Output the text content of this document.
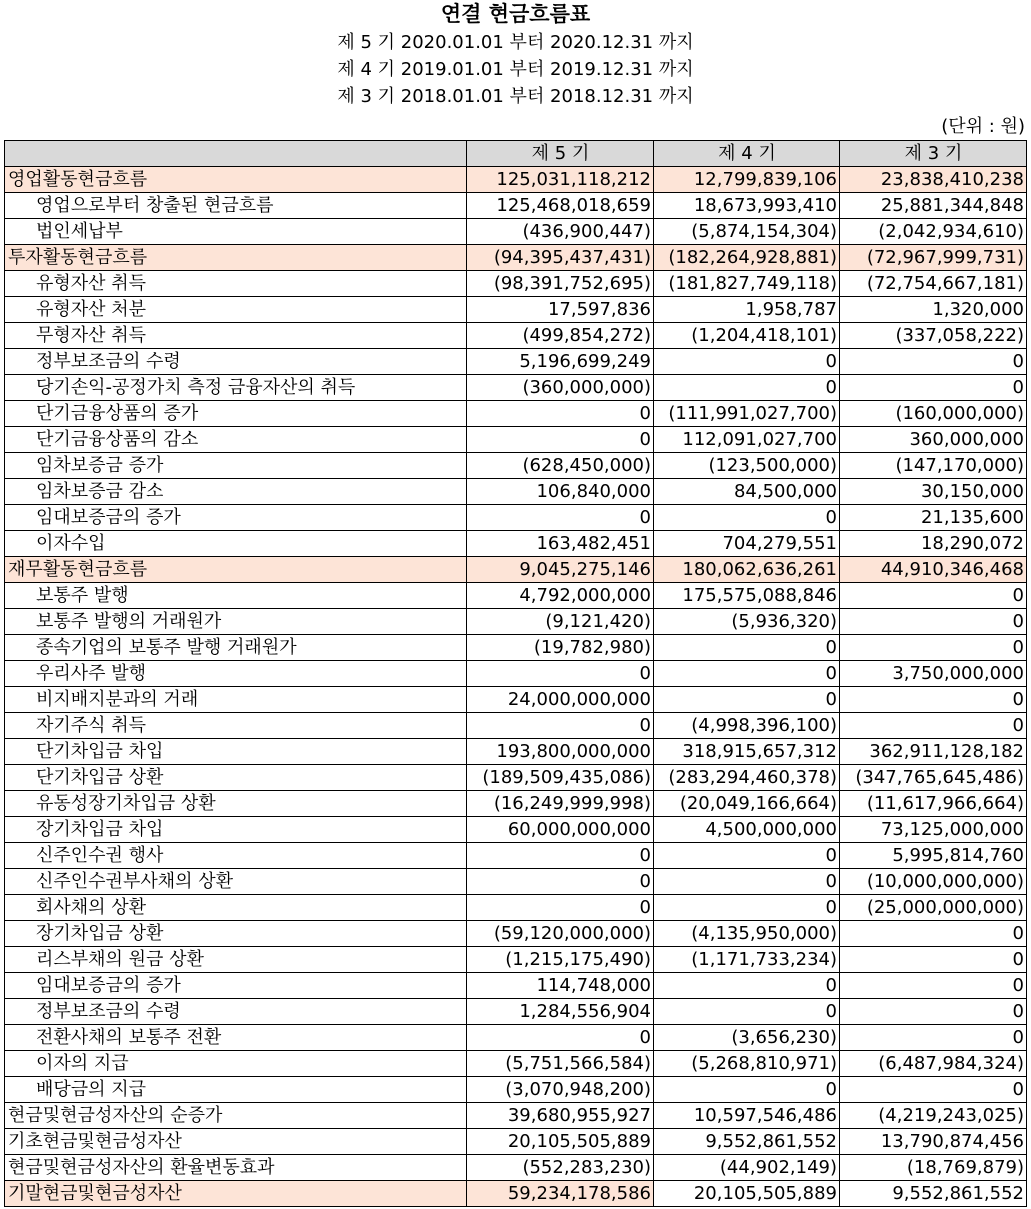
연결 현금흐름표
제 5 기 2020.01.01 부터 2020.12.31 까지
제 4 기 2019.01.01 부터 2019.12.31 까지
제 3 기 2018.01.01 부터 2018.12.31 까지
(단위 : 원)
	제 5 기	제 4 기	제 3 기
영업활동현금흐름	125,031,118,212	12,799,839,106	23,838,410,238
영업으로부터 창출된 현금흐름	125,468,018,659	18,673,993,410	25,881,344,848
법인세납부	(436,900,447)	(5,874,154,304)	(2,042,934,610)
투자활동현금흐름	(94,395,437,431)	(182,264,928,881)	(72,967,999,731)
유형자산 취득	(98,391,752,695)	(181,827,749,118)	(72,754,667,181)
유형자산 처분	17,597,836	1,958,787	1,320,000
무형자산 취득	(499,854,272)	(1,204,418,101)	(337,058,222)
정부보조금의 수령	5,196,699,249	0	0
당기손익-공정가치 측정 금융자산의 취득	(360,000,000)	0	0
단기금융상품의 증가	0	(111,991,027,700)	(160,000,000)
단기금융상품의 감소	0	112,091,027,700	360,000,000
임차보증금 증가	(628,450,000)	(123,500,000)	(147,170,000)
임차보증금 감소	106,840,000	84,500,000	30,150,000
임대보증금의 증가	0	0	21,135,600
이자수입	163,482,451	704,279,551	18,290,072
재무활동현금흐름	9,045,275,146	180,062,636,261	44,910,346,468
보통주 발행	4,792,000,000	175,575,088,846	0
보통주 발행의 거래원가	(9,121,420)	(5,936,320)	0
종속기업의 보통주 발행 거래원가	(19,782,980)	0	0
우리사주 발행	0	0	3,750,000,000
비지배지분과의 거래	24,000,000,000	0	0
자기주식 취득	0	(4,998,396,100)	0
단기차입금 차입	193,800,000,000	318,915,657,312	362,911,128,182
단기차입금 상환	(189,509,435,086)	(283,294,460,378)	(347,765,645,486)
유동성장기차입금 상환	(16,249,999,998)	(20,049,166,664)	(11,617,966,664)
장기차입금 차입	60,000,000,000	4,500,000,000	73,125,000,000
신주인수권 행사	0	0	5,995,814,760
신주인수권부사채의 상환	0	0	(10,000,000,000)
회사채의 상환	0	0	(25,000,000,000)
장기차입금 상환	(59,120,000,000)	(4,135,950,000)	0
리스부채의 원금 상환	(1,215,175,490)	(1,171,733,234)	0
임대보증금의 증가	114,748,000	0	0
정부보조금의 수령	1,284,556,904	0	0
전환사채의 보통주 전환	0	(3,656,230)	0
이자의 지급	(5,751,566,584)	(5,268,810,971)	(6,487,984,324)
배당금의 지급	(3,070,948,200)	0	0
현금및현금성자산의 순증가	39,680,955,927	10,597,546,486	(4,219,243,025)
기초현금및현금성자산	20,105,505,889	9,552,861,552	13,790,874,456
현금및현금성자산의 환율변동효과	(552,283,230)	(44,902,149)	(18,769,879)
기말현금및현금성자산	59,234,178,586	20,105,505,889	9,552,861,552
